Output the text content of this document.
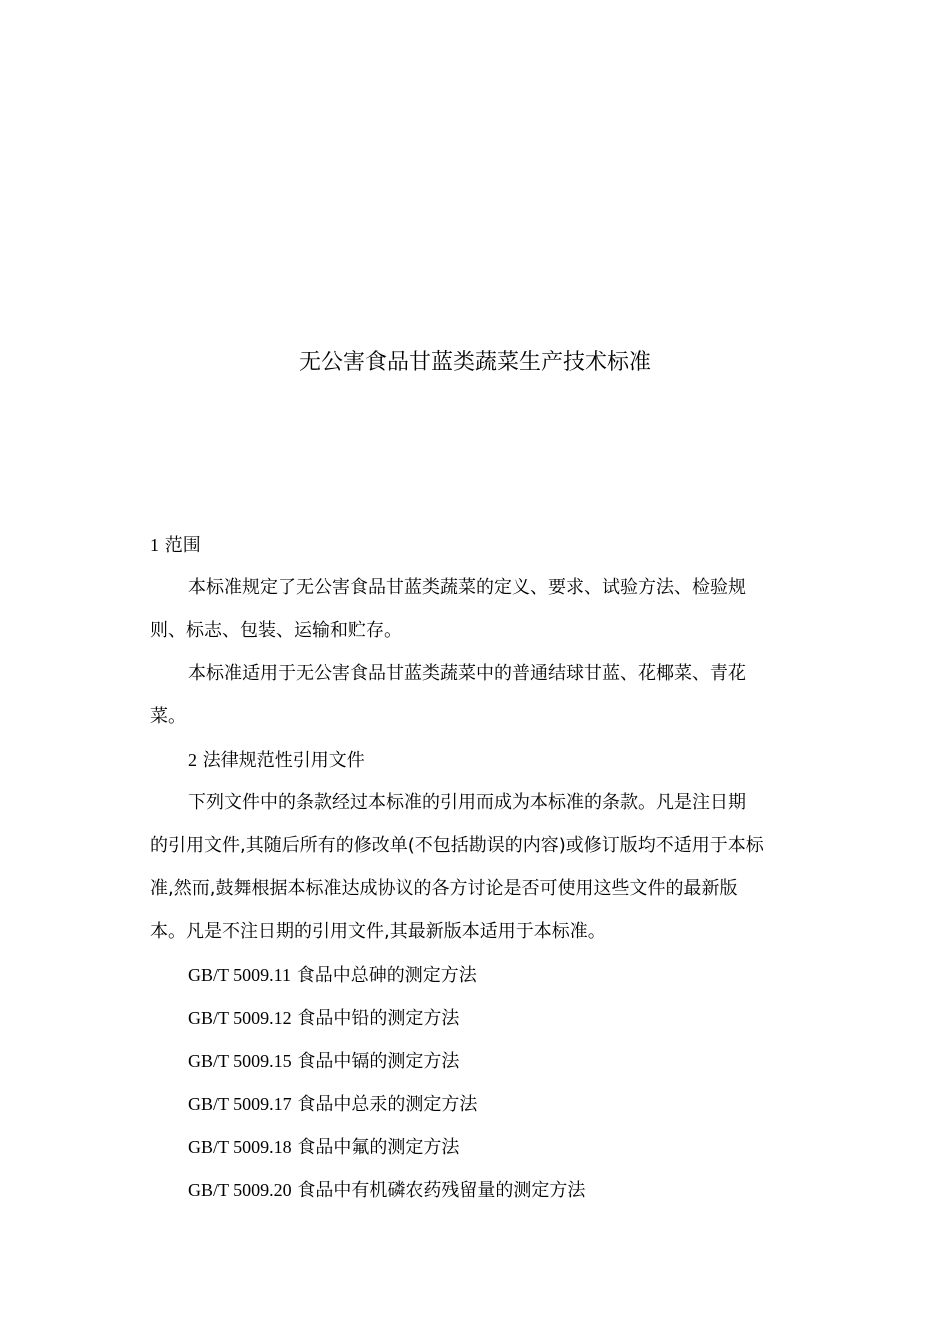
无公害食品甘蓝类蔬菜生产技术标准
1 范围
本标准规定了无公害食品甘蓝类蔬菜的定义、要求、试验方法、检验规
则、标志、包装、运输和贮存。
本标准适用于无公害食品甘蓝类蔬菜中的普通结球甘蓝、花椰菜、青花
菜。
2 法律规范性引用文件
下列文件中的条款经过本标准的引用而成为本标准的条款。凡是注日期
的引用文件,其随后所有的修改单(不包括勘误的内容)或修订版均不适用于本标
准,然而,鼓舞根据本标准达成协议的各方讨论是否可使用这些文件的最新版
本。凡是不注日期的引用文件,其最新版本适用于本标准。
GB/T 5009.11 食品中总砷的测定方法
GB/T 5009.12 食品中铅的测定方法
GB/T 5009.15 食品中镉的测定方法
GB/T 5009.17 食品中总汞的测定方法
GB/T 5009.18 食品中氟的测定方法
GB/T 5009.20 食品中有机磷农药残留量的测定方法
